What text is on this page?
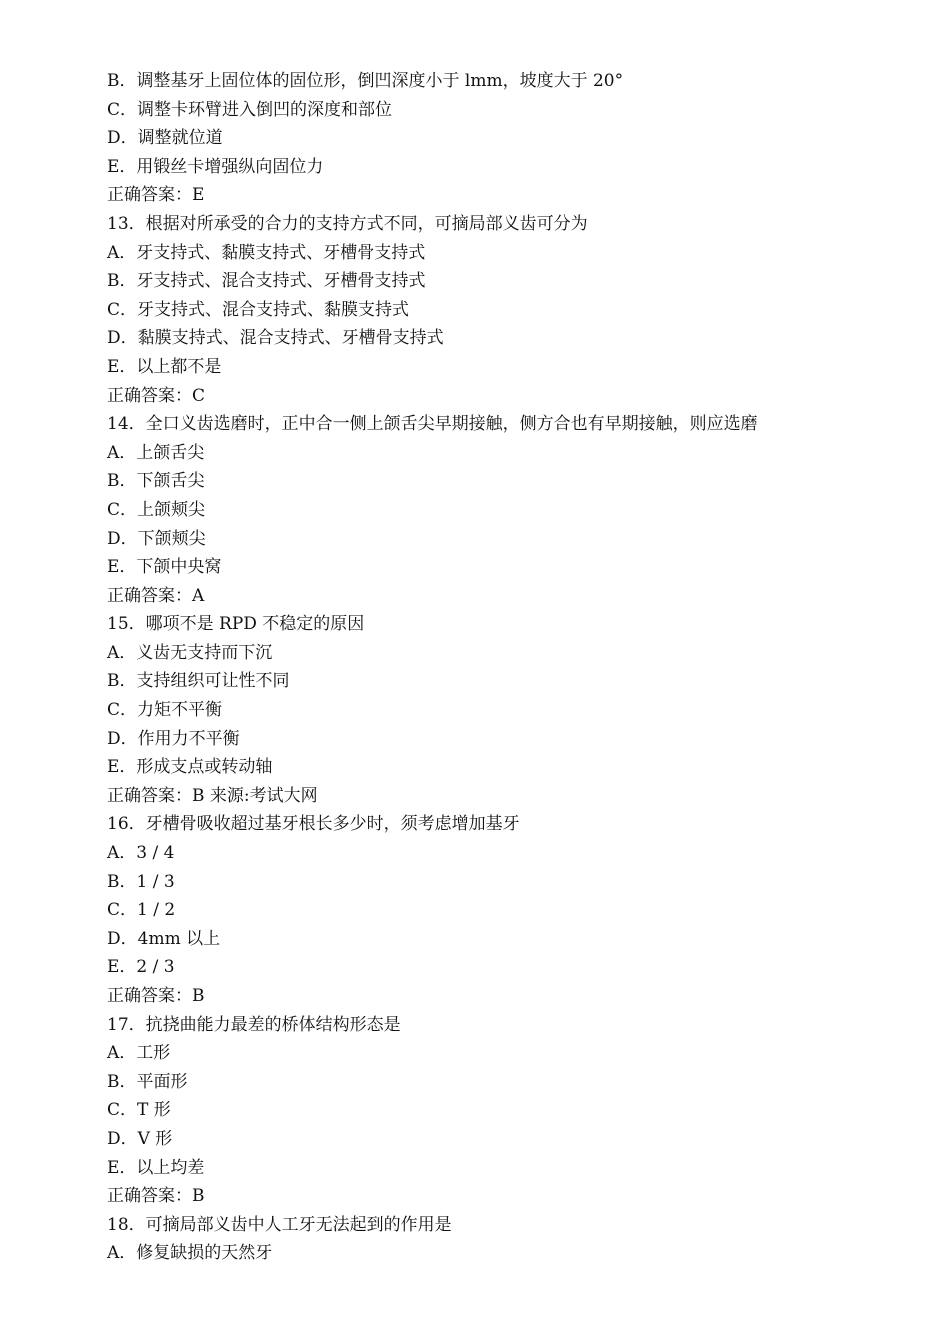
B．调整基牙上固位体的固位形，倒凹深度小于 lmm，坡度大于 20°
C．调整卡环臂进入倒凹的深度和部位
D．调整就位道
E．用锻丝卡增强纵向固位力
正确答案：E
13．根据对所承受的合力的支持方式不同，可摘局部义齿可分为
A．牙支持式、黏膜支持式、牙槽骨支持式
B．牙支持式、混合支持式、牙槽骨支持式
C．牙支持式、混合支持式、黏膜支持式
D．黏膜支持式、混合支持式、牙槽骨支持式
E．以上都不是
正确答案：C
14．全口义齿选磨时，正中合一侧上颌舌尖早期接触，侧方合也有早期接触，则应选磨
A．上颌舌尖
B．下颌舌尖
C．上颌颊尖
D．下颌颊尖
E．下颌中央窝
正确答案：A
15．哪项不是 RPD 不稳定的原因
A．义齿无支持而下沉
B．支持组织可让性不同
C．力矩不平衡
D．作用力不平衡
E．形成支点或转动轴
正确答案：B 来源:考试大网
16．牙槽骨吸收超过基牙根长多少时，须考虑增加基牙
A．3 / 4
B．1 / 3
C．1 / 2
D．4mm 以上
E．2 / 3
正确答案：B
17．抗挠曲能力最差的桥体结构形态是
A．工形
B．平面形
C．T 形
D．V 形
E．以上均差
正确答案：B
18．可摘局部义齿中人工牙无法起到的作用是
A．修复缺损的天然牙
